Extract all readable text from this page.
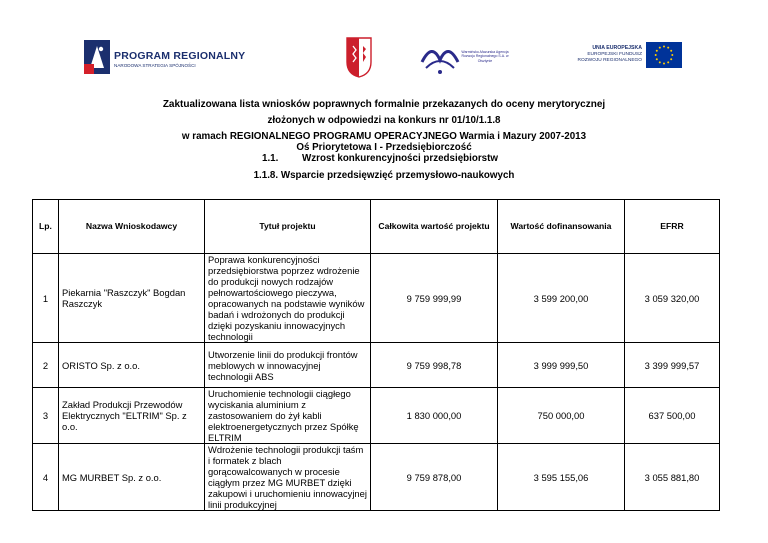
PROGRAM REGIONALNY
NARODOWA STRATEGIA SPÓJNOŚCI
Warmińsko-Mazurska Agencja Rozwoju Regionalnego S.A. w Olsztynie
UNIA EUROPEJSKA
EUROPEJSKI FUNDUSZ
ROZWOJU REGIONALNEGO
Zaktualizowana lista wniosków poprawnych formalnie przekazanych do oceny merytorycznej
złożonych w odpowiedzi na konkurs nr 01/10/1.1.8
w ramach REGIONALNEGO PROGRAMU OPERACYJNEGO Warmia i Mazury 2007-2013
Oś Priorytetowa I - Przedsiębiorczość
1.1. Wzrost konkurencyjności przedsiębiorstw
1.1.8. Wsparcie przedsięwzięć przemysłowo-naukowych
Lp.	Nazwa Wnioskodawcy	Tytuł projektu	Całkowita wartość projektu	Wartość dofinansowania	EFRR
1	Piekarnia "Raszczyk" Bogdan Raszczyk	Poprawa konkurencyjności przedsiębiorstwa poprzez wdrożenie do produkcji nowych rodzajów pełnowartościowego pieczywa, opracowanych na podstawie wyników badań i wdrożonych do produkcji dzięki pozyskaniu innowacyjnych technologii	9 759 999,99	3 599 200,00	3 059 320,00
2	ORISTO Sp. z o.o.	Utworzenie linii do produkcji frontów meblowych w innowacyjnej technologii ABS	9 759 998,78	3 999 999,50	3 399 999,57
3	Zakład Produkcji Przewodów Elektrycznych "ELTRIM" Sp. z o.o.	Uruchomienie technologii ciągłego wyciskania aluminium z zastosowaniem do żył kabli elektroenergetycznych przez Spółkę ELTRIM	1 830 000,00	750 000,00	637 500,00
4	MG MURBET Sp. z o.o.	Wdrożenie technologii produkcji taśm i formatek z blach gorącowalcowanych w procesie ciągłym przez MG MURBET dzięki zakupowi i uruchomieniu innowacyjnej linii produkcyjnej	9 759 878,00	3 595 155,06	3 055 881,80
